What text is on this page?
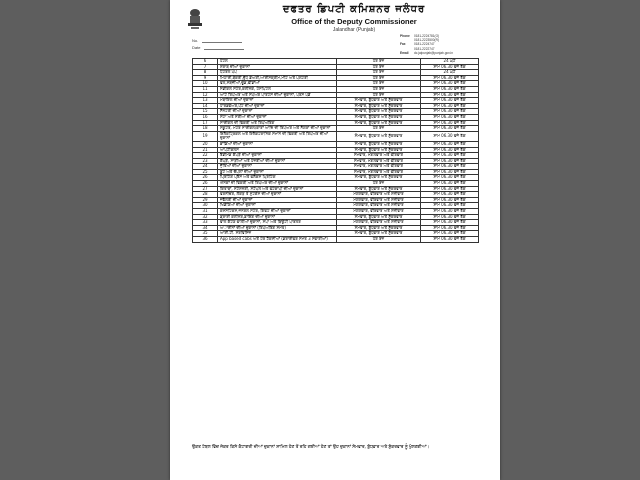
ਦਫਤਰ ਡਿਪਟੀ ਕਮਿਸ਼ਨਰ ਜਲੰਧਰ
Office of the Deputy Commissioner
Jalandhar (Punjab)
Phone 0181-2224781(O)
0181-2223500(R)
Fax	0181-2224747
0181-2222747
Email dc.jalpunjab@punjab.gov.in
No.
Date
6	ਹੋਟਲ	ਹਰ ਰੋਜ਼	24 ਘੰਟੇ
7	ਸ਼ਰਾਬ ਦੀਆਂ ਦੁਕਾਨਾਂ	ਹਰ ਰੋਜ਼	ਸ਼ਾਮ 06.30 ਵਜੇ ਤੱਕ
8	ਪੈਟਰੋਲ ਪੰਪ	ਹਰ ਰੋਜ਼	24 ਘੰਟੇ
9	ਮਿਠਾਈ,ਬੇਕਰੀ,ਦੁੱਧ ਡੇਅਰੀ,ਆਈਸਕ੍ਰੀਮ,ਮੀਟ ਅਤੇ ਪੋਲਟਰੀ	ਹਰ ਰੋਜ਼	ਸ਼ਾਮ 06.30 ਵਜੇ ਤੱਕ
10	ਫਲ,ਸਬਜ਼ੀਆਂ,ਚੂੰਡ,ਫੀਡਾਂਆਂ	ਹਰ ਰੋਜ਼	ਸ਼ਾਮ 06.30 ਵਜੇ ਤੱਕ
11	ਮੈਡੀਕਲ ਸਟੋਰ,ਕਲੀਨਕੋ, ਹੋਸਪਿਟਲ	ਹਰ ਰੋਜ਼	ਸ਼ਾਮ 06.30 ਵਜੇ ਤੱਕ
12	ਆਟੋ ਰਿਪੇਅਰ ਅਤੇ ਸਪੇਅਰ ਪਾਰਟਸ ਦੀਆਂ ਦੁਕਾਨਾਂ, ਪਰਸ ਪੰਡੇ	ਹਰ ਰੋਜ਼	ਸ਼ਾਮ 06.30 ਵਜੇ ਤੱਕ
13	ਮੋਬਾਇਲ ਦੀਆਂ ਦੁਕਾਨਾਂ	ਸੋਮਵਾਰ, ਬੁੱਧਵਾਰ ਅਤੇ ਸ਼ੁੱਕਰਵਾਰ	ਸ਼ਾਮ 06.30 ਵਜੇ ਤੱਕ
14	ਹਾਰਡਵੇਅਰ,ਪੇਂਟ ਦੀਆਂ ਦੁਕਾਨਾਂ	ਸੋਮਵਾਰ, ਬੁੱਧਵਾਰ ਅਤੇ ਸ਼ੁੱਕਰਵਾਰ	ਸ਼ਾਮ 06.30 ਵਜੇ ਤੱਕ
15	ਸੈਨਟਰੀ ਦੀਆਂ ਦੁਕਾਨਾਂ	ਸੋਮਵਾਰ, ਬੁੱਧਵਾਰ ਅਤੇ ਸ਼ੁੱਕਰਵਾਰ	ਸ਼ਾਮ 06.30 ਵਜੇ ਤੱਕ
16	ਸੋਟਾ ਅਤੇ ਸਰੀਆ ਦੀਆਂ ਦੁਕਾਨਾਂ	ਸੋਮਵਾਰ, ਬੁੱਧਵਾਰ ਅਤੇ ਸ਼ੁੱਕਰਵਾਰ	ਸ਼ਾਮ 06.30 ਵਜੇ ਤੱਕ
17	ਸਾਈਕਲ ਦੀ ਵਿਕਰੀ ਅਤੇ ਰਿਪੇਅਰਿੰਗ	ਸੋਮਵਾਰ, ਬੁੱਧਵਾਰ ਅਤੇ ਸ਼ੁੱਕਰਵਾਰ	ਸ਼ਾਮ 06.30 ਵਜੇ ਤੱਕ
18	ਸਕੂਟਰ, ਮੋਟਰ ਸਾਈਕਲ/ਕਾਰਾਂ ਆਦਿ ਦੀ ਰਿਪੇਅਰ ਅਤੇ ਨੈਗਰਾਂ ਦੀਆਂ ਦੁਕਾਨਾਂ	ਹਰ ਰੋਜ਼	ਸ਼ਾਮ 06.30 ਵਜੇ ਤੱਕ
19	ਇਲੈਕਟ੍ਰਿਕਲ ਅਤੇ ਇਲੈਕਟਰਾਨਿਕ ਸਮਾਨ ਦੀ ਵਿਕਰੀ ਅਤੇ ਰਿਪੇਅਰ ਦੀਆਂ ਦੁਕਾਨਾਂ	ਸੋਮਵਾਰ, ਬੁੱਧਵਾਰ ਅਤੇ ਸ਼ੁੱਕਰਵਾਰ	ਸ਼ਾਮ 06.30 ਵਜੇ ਤੱਕ
20	ਭਾਂਡਿਆਂ ਦੀਆਂ ਦੁਕਾਨਾਂ	ਸੋਮਵਾਰ, ਬੁੱਧਵਾਰ ਅਤੇ ਸ਼ੁੱਕਰਵਾਰ	ਸ਼ਾਮ 06.30 ਵਜੇ ਤੱਕ
21	ਆਪਟੀਕਲਸ	ਸੋਮਵਾਰ, ਬੁੱਧਵਾਰ ਅਤੇ ਸ਼ੁੱਕਰਵਾਰ	ਸ਼ਾਮ 06.30 ਵਜੇ ਤੱਕ
22	ਰੈਡੀਮੇਡ ਕੱਪੜੇ ਦੀਆਂ ਦੁਕਾਨਾਂ	ਸੋਮਵਾਰ, ਮੰਗਲਵਾਰ ਅਤੇ ਵੀਰਵਾਰ	ਸ਼ਾਮ 06.30 ਵਜੇ ਤੱਕ
23	ਕੱਪੜੇ, ਸਾੜੀਆਂ ਅਤੇ ਹੋਜ਼ਰੀਆਂ ਦੀਆਂ ਦੁਕਾਨਾਂ	ਸੋਮਵਾਰ, ਮੰਗਲਵਾਰ ਅਤੇ ਵੀਰਵਾਰ	ਸ਼ਾਮ 06.30 ਵਜੇ ਤੱਕ
24	ਜੁੱਤਿਆਂ ਦੀਆਂ ਦੁਕਾਨਾਂ	ਸੋਮਵਾਰ, ਮੰਗਲਵਾਰ ਅਤੇ ਵੀਰਵਾਰ	ਸ਼ਾਮ 06.30 ਵਜੇ ਤੱਕ
25	ਬੂਟ ਅਤੇ ਚੱਪਲਾਂ ਦੀਆਂ ਦੁਕਾਨਾਂ	ਸੋਮਵਾਰ, ਮੰਗਲਵਾਰ ਅਤੇ ਵੀਰਵਾਰ	ਸ਼ਾਮ 06.30 ਵਜੇ ਤੱਕ
26	ਪ੍ਰਿੰਟਿੰਗ ਪ੍ਰੈਸ ਅਤੇ ਫਲੈਕਸ ਪ੍ਰਿੰਟਿੰਗ	ਸੋਮਵਾਰ, ਬੁੱਧਵਾਰ ਅਤੇ ਸ਼ੁੱਕਰਵਾਰ	ਸ਼ਾਮ 06.30 ਵਜੇ ਤੱਕ
26	ਐਨਕਾਂ ਦੀ ਵਿਕਰੀ ਅਤੇ ਰਿਪੇਅਰ ਦੀਆਂ ਦੁਕਾਨਾਂ	ਹਰ ਰੋਜ਼	ਸ਼ਾਮ 06.30 ਵਜੇ ਤੱਕ
27	ਕਿਤਾਬਾਂ, ਸਟੇਸ਼ਨਰੀ, ਸਟੇਪਲ ਅਤੇ ਫੋਟੋਕਾਪੀ ਦੀਆਂ ਦੁਕਾਨਾਂ	ਸੋਮਵਾਰ, ਬੁੱਧਵਾਰ ਅਤੇ ਸ਼ੁੱਕਰਵਾਰ	ਸ਼ਾਮ 06.30 ਵਜੇ ਤੱਕ
28	ਫਰਨੀਚਰ, ਲੱਕੜ ਤੇ ਸੁਟਕੇਸ ਦੀਆਂ ਦੁਕਾਨਾਂ	ਮੰਗਲਵਾਰ, ਵੀਰਵਾਰ ਅਤੇ ਸ਼ਨੀਵਾਰ	ਸ਼ਾਮ 06.30 ਵਜੇ ਤੱਕ
29	ਜਵੈਲਰੀ ਦੀਆਂ ਦੁਕਾਨਾਂ	ਮੰਗਲਵਾਰ, ਵੀਰਵਾਰ ਅਤੇ ਸ਼ਨੀਵਾਰ	ਸ਼ਾਮ 06.30 ਵਜੇ ਤੱਕ
30	ਖਿਡੌਣਿਆਂ ਦੀਆਂ ਦੁਕਾਨਾਂ	ਮੰਗਲਵਾਰ, ਵੀਰਵਾਰ ਅਤੇ ਸ਼ਨੀਵਾਰ	ਸ਼ਾਮ 06.30 ਵਜੇ ਤੱਕ
31	ਕੋਸਮੈਟਿਕਸ,ਜਨਰਲ ਸਟੋਰ, ਗਿਫਟ ਦੀਆਂ ਦੁਕਾਨਾਂ	ਮੰਗਲਵਾਰ, ਵੀਰਵਾਰ ਅਤੇ ਸ਼ਨੀਵਾਰ	ਸ਼ਾਮ 06.30 ਵਜੇ ਤੱਕ
32	ਡ੍ਰਾਈ ਕਲੀਨਰ,ਡਾਇੰਗ ਦੀਆਂ ਦੁਕਾਨਾਂ	ਸੋਮਵਾਰ, ਬੁੱਧਵਾਰ ਅਤੇ ਸ਼ੁੱਕਰਵਾਰ	ਸ਼ਾਮ 06.30 ਵਜੇ ਤੱਕ
33	ਵਾਲ ਕੱਟਣ ਵਾਲੀਆਂ ਦੁਕਾਨਾਂ, ਸਪਾ ਅਤੇ ਬਿਊਟੀ ਪਾਰਲਰ	ਮੰਗਲਵਾਰ, ਵੀਰਵਾਰ ਅਤੇ ਸ਼ਨੀਵਾਰ	ਸ਼ਾਮ 06.30 ਵਜੇ ਤੱਕ
34	ਅਾਈਨਾਂ ਦੀਆਂ ਦੁਕਾਨਾਂ (ਰਿਪੇਅਰਿੰਗ ਸਮੇਤ)	ਸੋਮਵਾਰ, ਬੁੱਧਵਾਰ ਅਤੇ ਸ਼ੁੱਕਰਵਾਰ	ਸ਼ਾਮ 06.30 ਵਜੇ ਤੱਕ
35	ਆਈ.ਟੀ. ਸਰਵਿਸਿਜ਼	ਸੋਮਵਾਰ, ਬੁੱਧਵਾਰ ਅਤੇ ਸ਼ੁੱਕਰਵਾਰ	ਸ਼ਾਮ 06.30 ਵਜੇ ਤੱਕ
36	App based cabs ਅਤੇ ਹੋਰ ਟੈਕਸੀਆਂ (ਡਰਾਈਵਰ ਸਮੇਤ 3 ਸਵਾਰੀਆਂ)	ਹਰ ਰੋਜ਼	ਸ਼ਾਮ 06.30 ਵਜੇ ਤੱਕ
ਉਕਤ ਟੇਬਲ ਵਿੱਚ ਜੇਕਰ ਕਿਸੇ ਕੈਟਾਗਰੀ ਦੀਆਂ ਦੁਕਾਨਾਂ ਸ਼ਾਮਿਲ ਹੋਣ ਤੋਂ ਰਹਿ ਗਈਆਂ ਹੋਣ ਤਾਂ ਉਹ ਦੁਕਾਨਾਂ ਸੋਮਵਾਰ, ਬੁੱਧਵਾਰ ਅਤੇ ਸ਼ੁੱਕਰਵਾਰ ਨੂੰ ਖੁੱਲਣਗੀਆਂ।
